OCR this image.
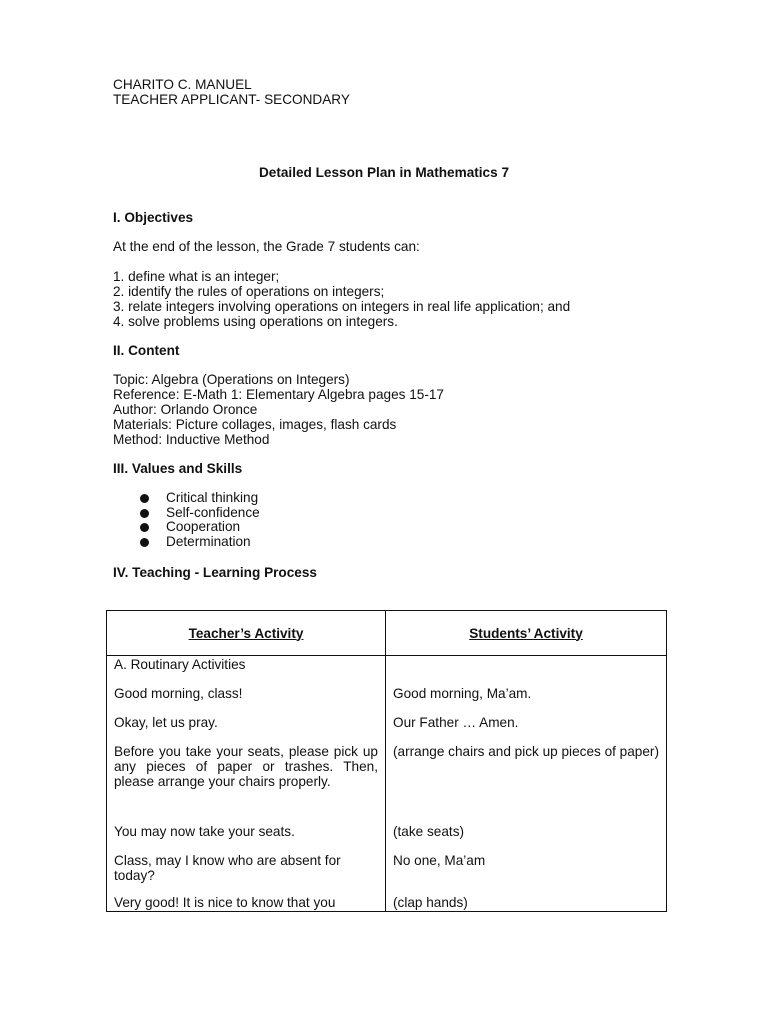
CHARITO C. MANUEL
TEACHER APPLICANT- SECONDARY
Detailed Lesson Plan in Mathematics 7
I. Objectives
At the end of the lesson, the Grade 7 students can:
1. define what is an integer;
2. identify the rules of operations on integers;
3. relate integers involving operations on integers in real life application; and
4. solve problems using operations on integers.
II. Content
Topic: Algebra (Operations on Integers)
Reference: E-Math 1: Elementary Algebra pages 15-17
Author: Orlando Oronce
Materials: Picture collages, images, flash cards
Method: Inductive Method
III. Values and Skills
Critical thinking
Self-confidence
Cooperation
Determination
IV. Teaching - Learning Process
Teacher’s Activity	Students’ Activity
A. Routinary Activities	
Good morning, class!	Good morning, Ma’am.
Okay, let us pray.	Our Father … Amen.
Before you take your seats, please pick up any pieces of paper or trashes. Then, please arrange your chairs properly.	(arrange chairs and pick up pieces of paper)
You may now take your seats.	(take seats)
Class, may I know who are absent for today?	No one, Ma’am
Very good! It is nice to know that you	(clap hands)
